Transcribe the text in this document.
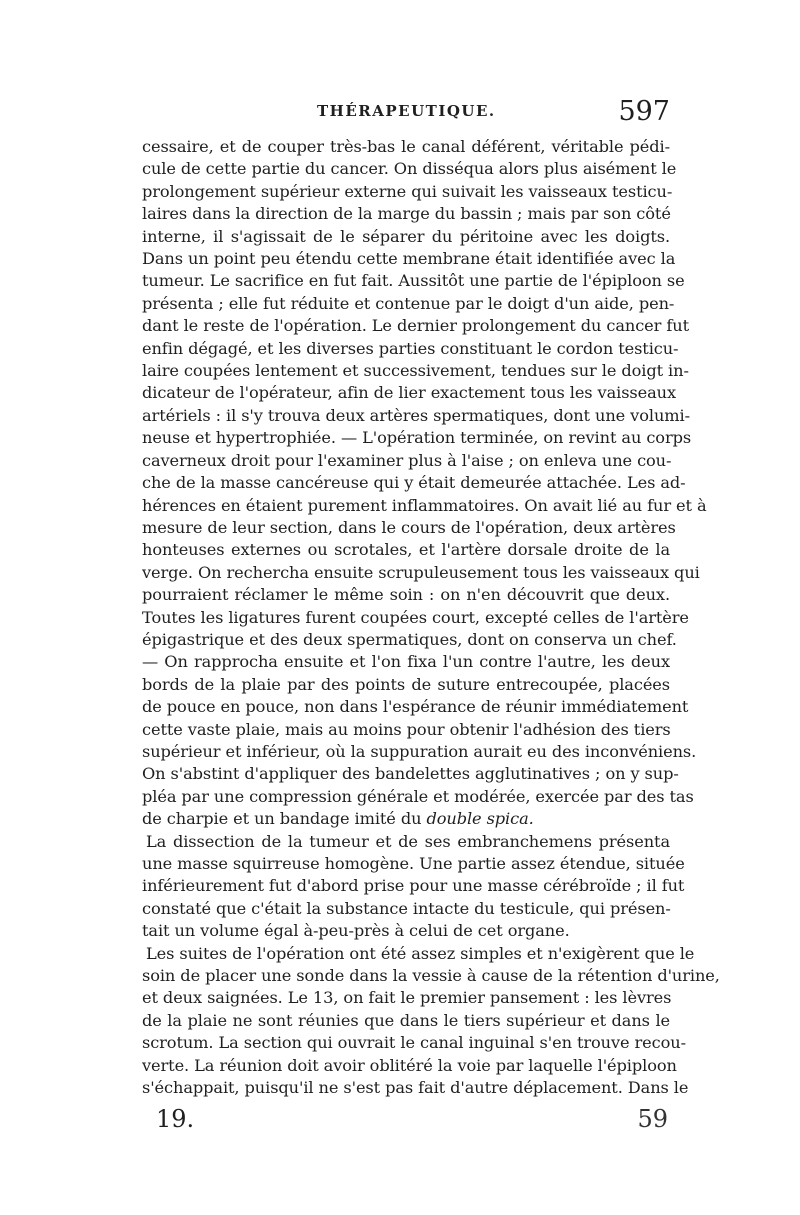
THÉRAPEUTIQUE.	597
cessaire, et de couper très-bas le canal déférent, véritable pédi-
cule de cette partie du cancer. On disséqua alors plus aisément le
prolongement supérieur externe qui suivait les vaisseaux testicu-
laires dans la direction de la marge du bassin ; mais par son côté
interne, il s'agissait de le séparer du péritoine avec les doigts.
Dans un point peu étendu cette membrane était identifiée avec la
tumeur. Le sacrifice en fut fait. Aussitôt une partie de l'épiploon se
présenta ; elle fut réduite et contenue par le doigt d'un aide, pen-
dant le reste de l'opération. Le dernier prolongement du cancer fut
enfin dégagé, et les diverses parties constituant le cordon testicu-
laire coupées lentement et successivement, tendues sur le doigt in-
dicateur de l'opérateur, afin de lier exactement tous les vaisseaux
artériels : il s'y trouva deux artères spermatiques, dont une volumi-
neuse et hypertrophiée. — L'opération terminée, on revint au corps
caverneux droit pour l'examiner plus à l'aise ; on enleva une cou-
che de la masse cancéreuse qui y était demeurée attachée. Les ad-
hérences en étaient purement inflammatoires. On avait lié au fur et à
mesure de leur section, dans le cours de l'opération, deux artères
honteuses externes ou scrotales, et l'artère dorsale droite de la
verge. On rechercha ensuite scrupuleusement tous les vaisseaux qui
pourraient réclamer le même soin : on n'en découvrit que deux.
Toutes les ligatures furent coupées court, excepté celles de l'artère
épigastrique et des deux spermatiques, dont on conserva un chef.
— On rapprocha ensuite et l'on fixa l'un contre l'autre, les deux
bords de la plaie par des points de suture entrecoupée, placées
de pouce en pouce, non dans l'espérance de réunir immédiatement
cette vaste plaie, mais au moins pour obtenir l'adhésion des tiers
supérieur et inférieur, où la suppuration aurait eu des inconvéniens.
On s'abstint d'appliquer des bandelettes agglutinatives ; on y sup-
pléa par une compression générale et modérée, exercée par des tas
de charpie et un bandage imité du double spica.
La dissection de la tumeur et de ses embranchemens présenta
une masse squirreuse homogène. Une partie assez étendue, située
inférieurement fut d'abord prise pour une masse cérébroïde ; il fut
constaté que c'était la substance intacte du testicule, qui présen-
tait un volume égal à-peu-près à celui de cet organe.
Les suites de l'opération ont été assez simples et n'exigèrent que le
soin de placer une sonde dans la vessie à cause de la rétention d'urine,
et deux saignées. Le 13, on fait le premier pansement : les lèvres
de la plaie ne sont réunies que dans le tiers supérieur et dans le
scrotum. La section qui ouvrait le canal inguinal s'en trouve recou-
verte. La réunion doit avoir oblitéré la voie par laquelle l'épiploon
s'échappait, puisqu'il ne s'est pas fait d'autre déplacement. Dans le
19.	59
